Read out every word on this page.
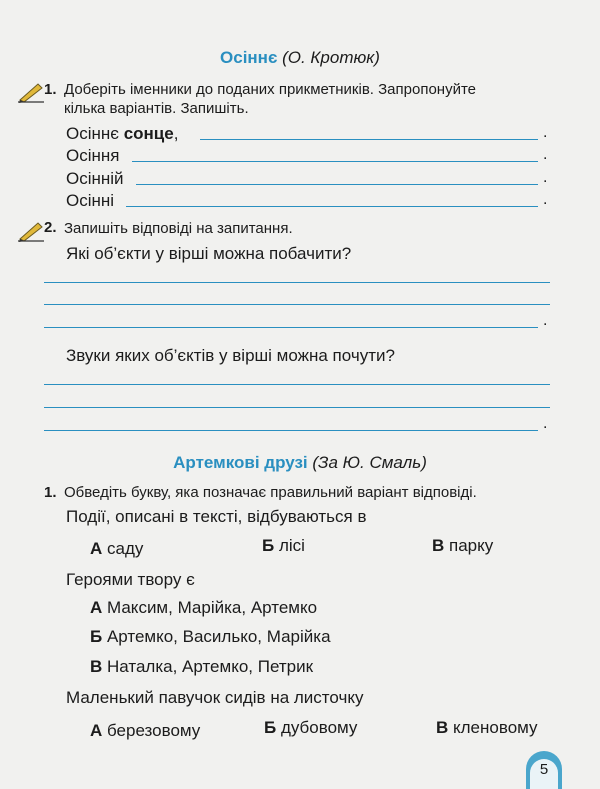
Осіннє (О. Кротюк)
1. Доберіть іменники до поданих прикметників. Запропонуйте
кількa варіантів. Запишіть.
Осіннє сонце,	.
Осіння	.
Осінній	.
Осінні	.
2. Запишіть відповіді на запитання.
Які об’єкти у вірші можна побачити?
.
Звуки яких об’єктів у вірші можна почути?
.
Артемкові друзі (За Ю. Смаль)
1. Обведіть букву, яка позначає правильний варіант відповіді.
Події, описані в тексті, відбуваються в
А саду	Б лісі	В парку
Героями твору є
А Максим, Марійка, Артемко
Б Артемко, Василько, Марійка
В Наталка, Артемко, Петрик
Маленький павучок сидів на листочку
А березовому	Б дубовому	В кленовому
5
